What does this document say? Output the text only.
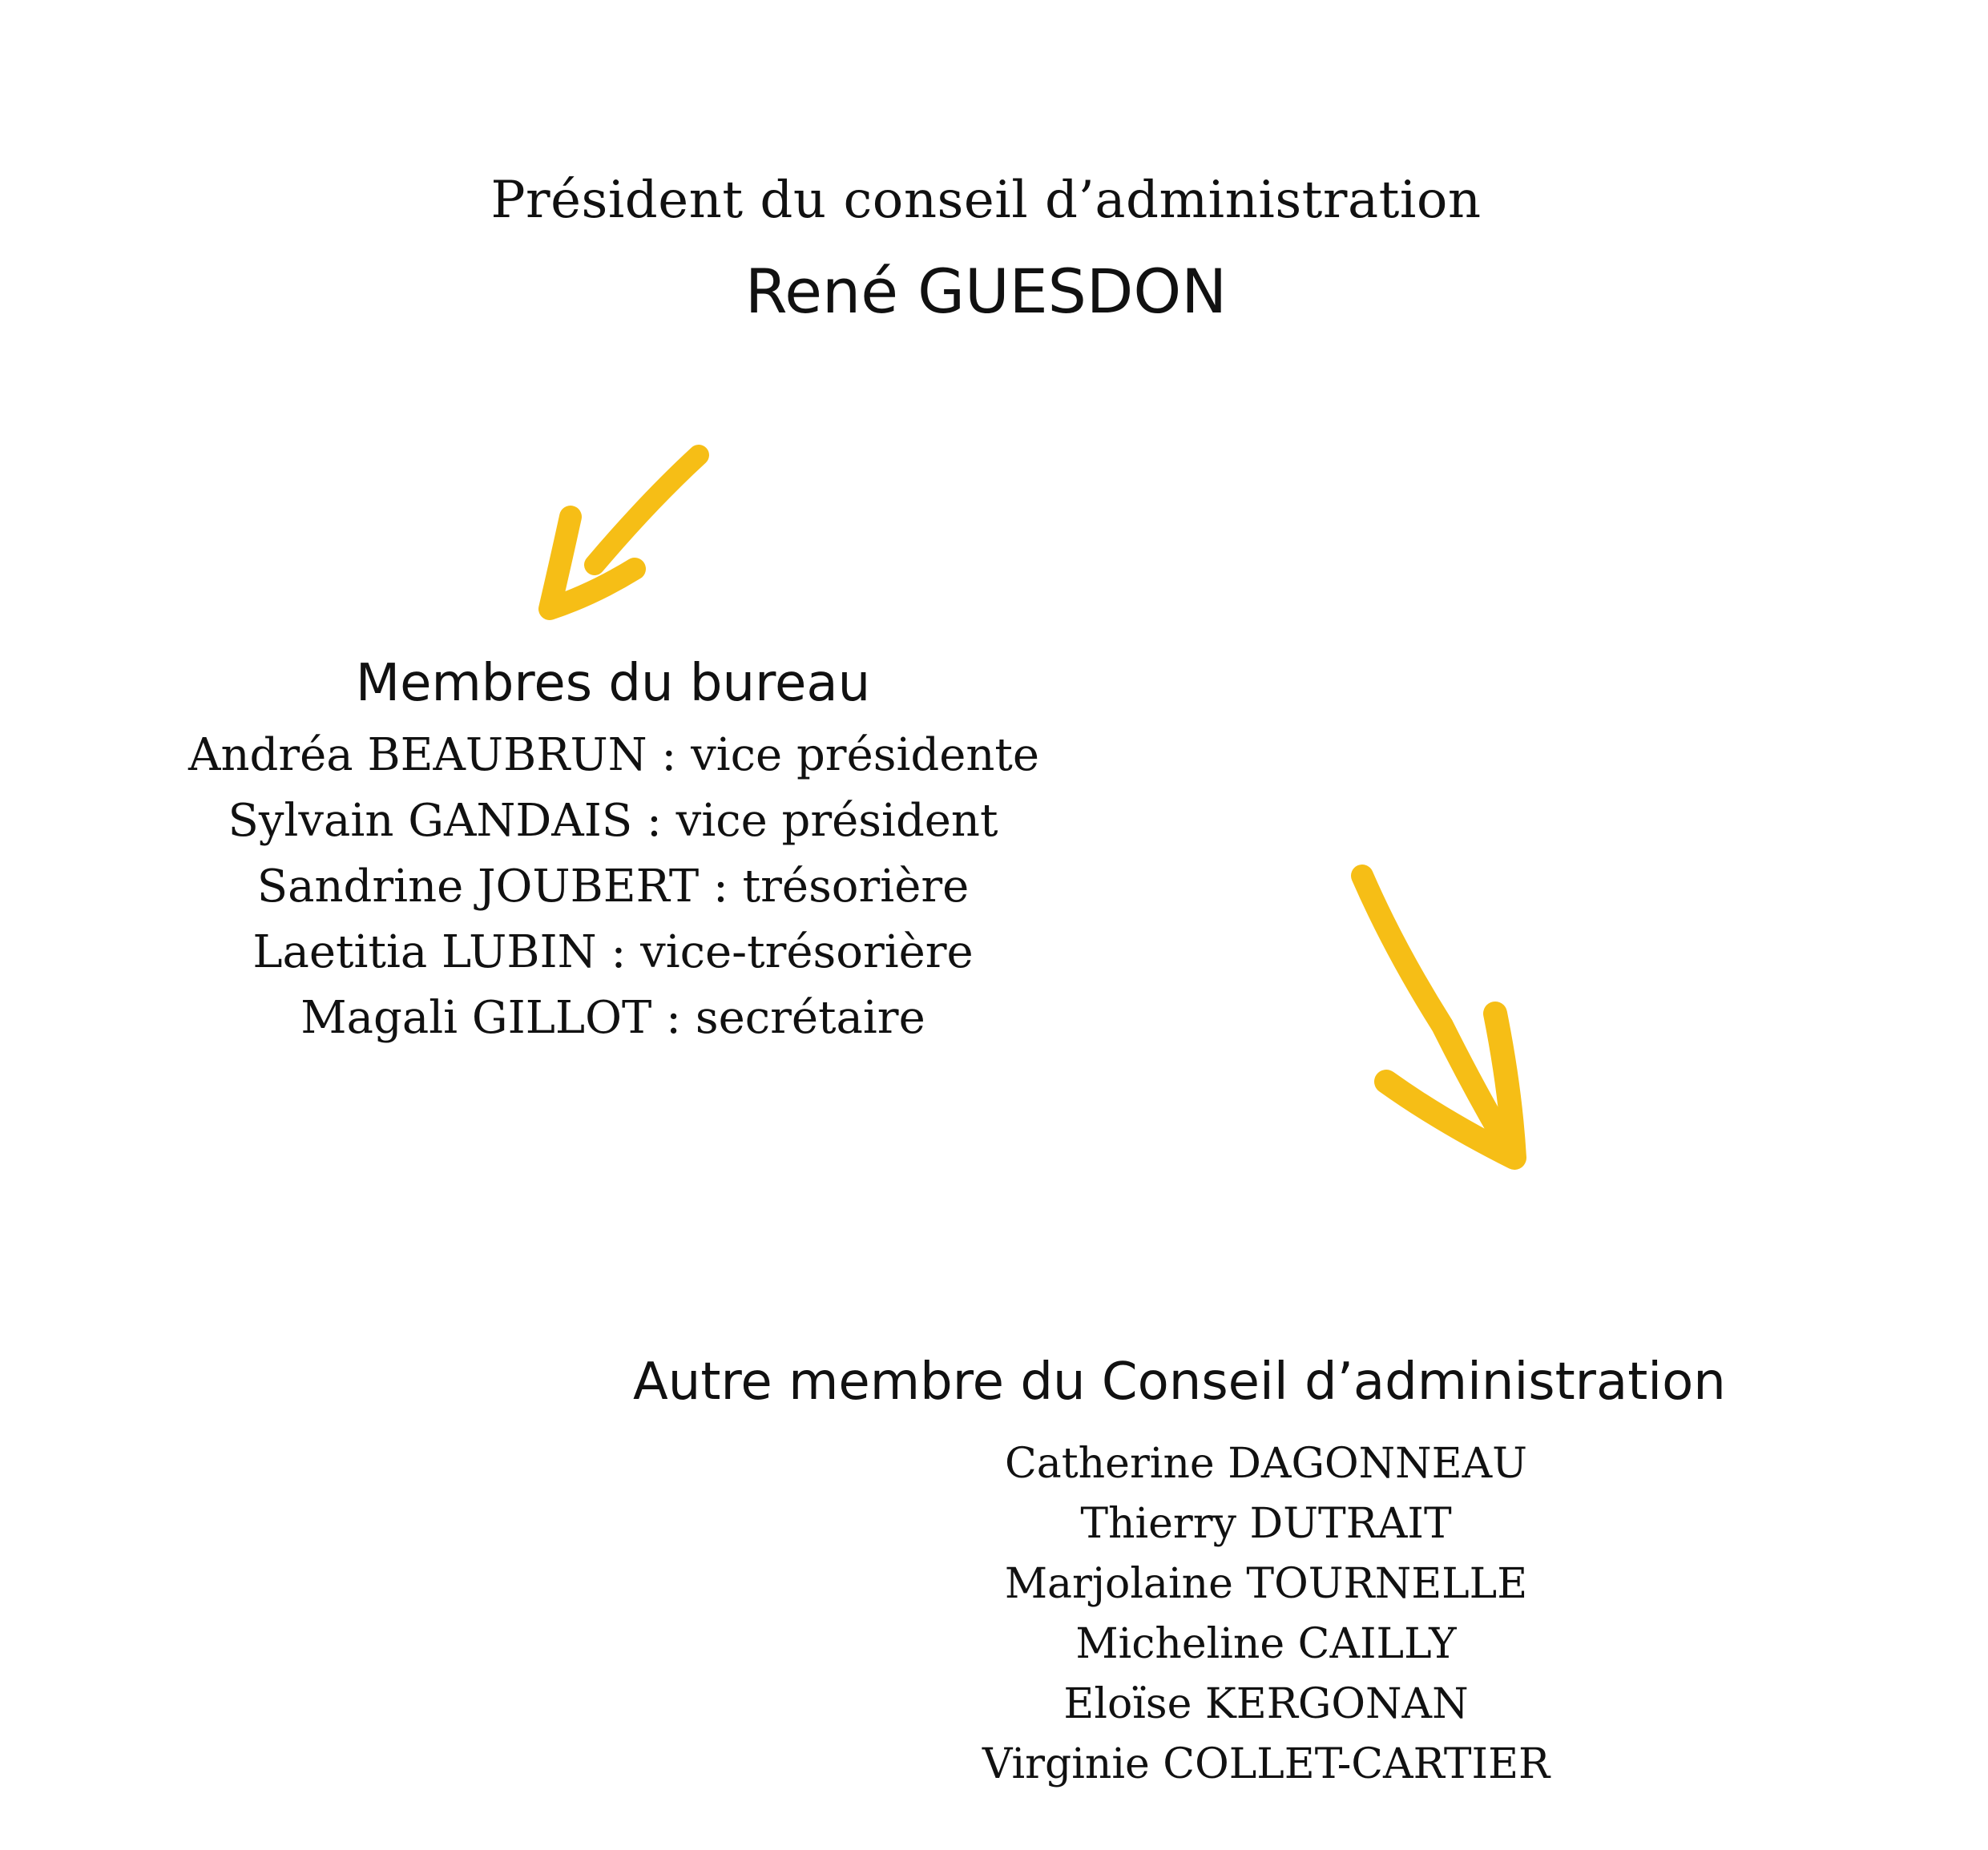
Président du conseil d’administration
René GUESDON
Membres du bureau
Andréa BEAUBRUN : vice présidente
Sylvain GANDAIS : vice président
Sandrine JOUBERT : trésorière
Laetitia LUBIN : vice-trésorière
Magali GILLOT : secrétaire
Autre membre du Conseil d’administration
Catherine DAGONNEAU
Thierry DUTRAIT
Marjolaine TOURNELLE
Micheline CAILLY
Eloïse KERGONAN
Virginie COLLET-CARTIER
